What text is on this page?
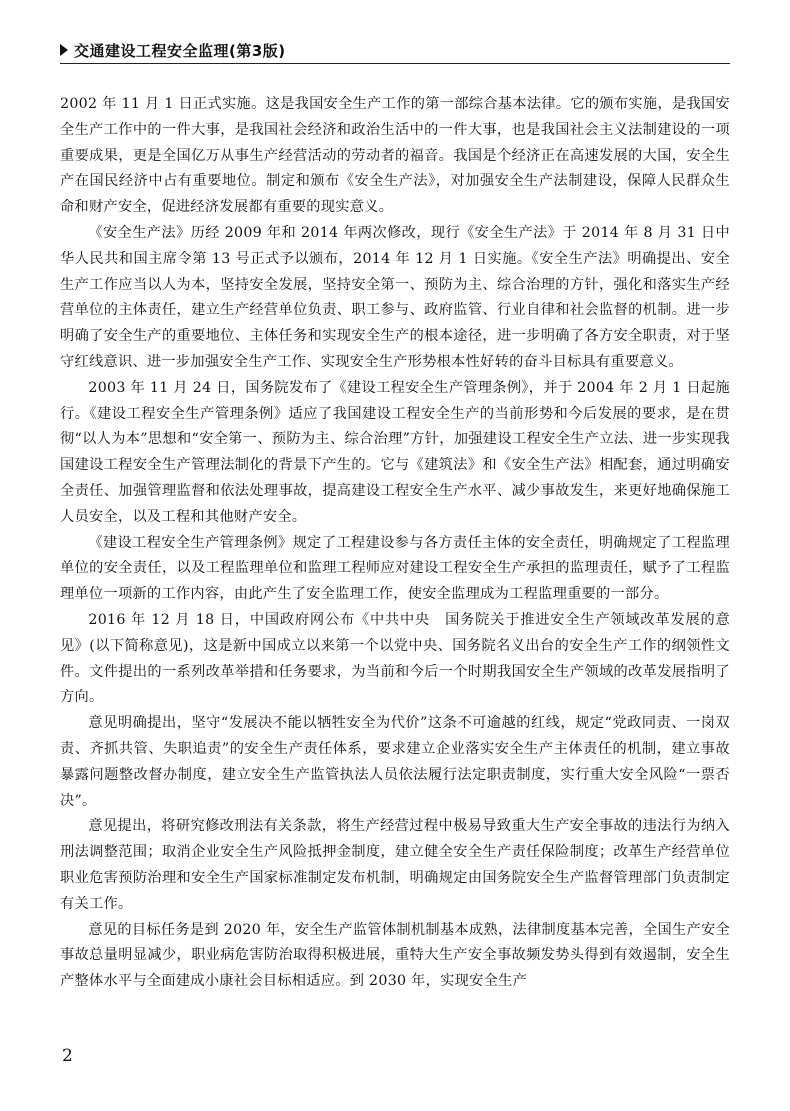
交通建设工程安全监理(第3版)

2002 年 11 月 1 日正式实施。这是我国安全生产工作的第一部综合基本法律。它的颁布实施，是我国安全生产工作中的一件大事，是我国社会经济和政治生活中的一件大事，也是我国社会主义法制建设的一项重要成果，更是全国亿万从事生产经营活动的劳动者的福音。我国是个经济正在高速发展的大国，安全生产在国民经济中占有重要地位。制定和颁布《安全生产法》，对加强安全生产法制建设，保障人民群众生命和财产安全，促进经济发展都有重要的现实意义。

《安全生产法》历经 2009 年和 2014 年两次修改，现行《安全生产法》于 2014 年 8 月 31 日中华人民共和国主席令第 13 号正式予以颁布，2014 年 12 月 1 日实施。《安全生产法》明确提出、安全生产工作应当以人为本，坚持安全发展，坚持安全第一、预防为主、综合治理的方针，强化和落实生产经营单位的主体责任，建立生产经营单位负责、职工参与、政府监管、行业自律和社会监督的机制。进一步明确了安全生产的重要地位、主体任务和实现安全生产的根本途径，进一步明确了各方安全职责，对于坚守红线意识、进一步加强安全生产工作、实现安全生产形势根本性好转的奋斗目标具有重要意义。

2003 年 11 月 24 日，国务院发布了《建设工程安全生产管理条例》，并于 2004 年 2 月 1 日起施行。《建设工程安全生产管理条例》适应了我国建设工程安全生产的当前形势和今后发展的要求，是在贯彻“以人为本”思想和“安全第一、预防为主、综合治理”方针，加强建设工程安全生产立法、进一步实现我国建设工程安全生产管理法制化的背景下产生的。它与《建筑法》和《安全生产法》相配套，通过明确安全责任、加强管理监督和依法处理事故，提高建设工程安全生产水平、减少事故发生，来更好地确保施工人员安全，以及工程和其他财产安全。

《建设工程安全生产管理条例》规定了工程建设参与各方责任主体的安全责任，明确规定了工程监理单位的安全责任，以及工程监理单位和监理工程师应对建设工程安全生产承担的监理责任，赋予了工程监理单位一项新的工作内容，由此产生了安全监理工作，使安全监理成为工程监理重要的一部分。

2016 年 12 月 18 日，中国政府网公布《中共中央　国务院关于推进安全生产领域改革发展的意见》(以下简称意见)，这是新中国成立以来第一个以党中央、国务院名义出台的安全生产工作的纲领性文件。文件提出的一系列改革举措和任务要求，为当前和今后一个时期我国安全生产领域的改革发展指明了方向。

意见明确提出，坚守“发展决不能以牺牲安全为代价”这条不可逾越的红线，规定“党政同责、一岗双责、齐抓共管、失职追责”的安全生产责任体系，要求建立企业落实安全生产主体责任的机制，建立事故暴露问题整改督办制度，建立安全生产监管执法人员依法履行法定职责制度，实行重大安全风险“一票否决”。

意见提出，将研究修改刑法有关条款，将生产经营过程中极易导致重大生产安全事故的违法行为纳入刑法调整范围；取消企业安全生产风险抵押金制度，建立健全安全生产责任保险制度；改革生产经营单位职业危害预防治理和安全生产国家标准制定发布机制，明确规定由国务院安全生产监督管理部门负责制定有关工作。

意见的目标任务是到 2020 年，安全生产监管体制机制基本成熟，法律制度基本完善，全国生产安全事故总量明显减少，职业病危害防治取得积极进展，重特大生产安全事故频发势头得到有效遏制，安全生产整体水平与全面建成小康社会目标相适应。到 2030 年，实现安全生产

2
